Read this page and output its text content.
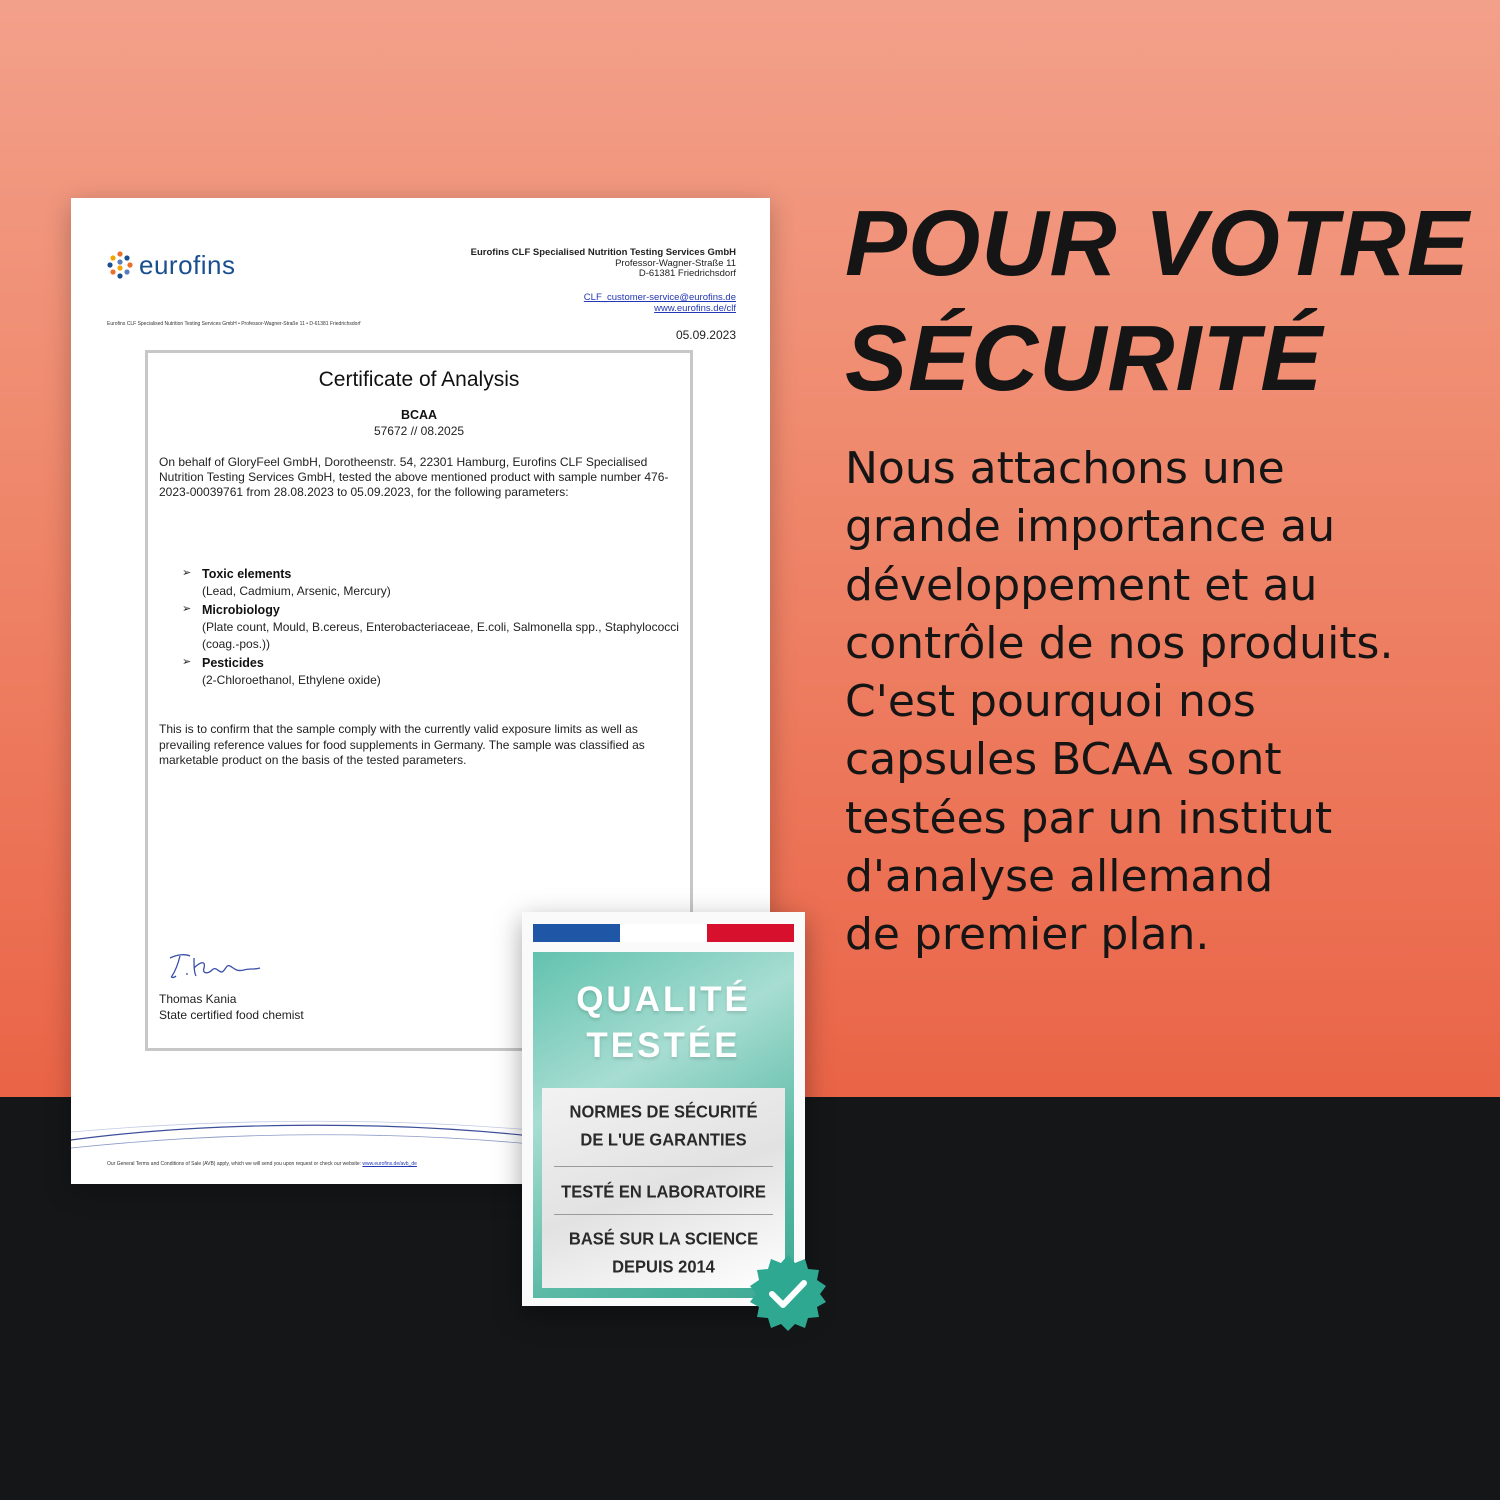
eurofins	Eurofins CLF Specialised Nutrition Testing Services GmbH
Professor-Wagner-Straße 11
D-61381 Friedrichsdorf
CLF_customer-service@eurofins.de
www.eurofins.de/clf
Eurofins CLF Specialised Nutrition Testing Services GmbH • Professor-Wagner-Straße 11 • D-61381 Friedrichsdorf
05.09.2023
Certificate of Analysis
BCAA
57672 // 08.2025
On behalf of GloryFeel GmbH, Dorotheenstr. 54, 22301 Hamburg, Eurofins CLF Specialised Nutrition Testing Services GmbH, tested the above mentioned product with sample number 476-2023-00039761 from 28.08.2023 to 05.09.2023, for the following parameters:
➢ Toxic elements
(Lead, Cadmium, Arsenic, Mercury)
➢ Microbiology
(Plate count, Mould, B.cereus, Enterobacteriaceae, E.coli, Salmonella spp., Staphylococci (coag.-pos.))
➢ Pesticides
(2-Chloroethanol, Ethylene oxide)
This is to confirm that the sample comply with the currently valid exposure limits as well as prevailing reference values for food supplements in Germany. The sample was classified as marketable product on the basis of the tested parameters.
Thomas Kania
State certified food chemist
Our General Terms and Conditions of Sale (AVB) apply, which we will send you upon request or check our website: www.eurofins.de/avb_de
QUALITÉ
TESTÉE
NORMES DE SÉCURITÉ
DE L'UE GARANTIES
TESTÉ EN LABORATOIRE
BASÉ SUR LA SCIENCE
DEPUIS 2014
POUR VOTRE
SÉCURITÉ
Nous attachons une
grande importance au
développement et au
contrôle de nos produits.
C'est pourquoi nos
capsules BCAA sont
testées par un institut
d'analyse allemand
de premier plan.
